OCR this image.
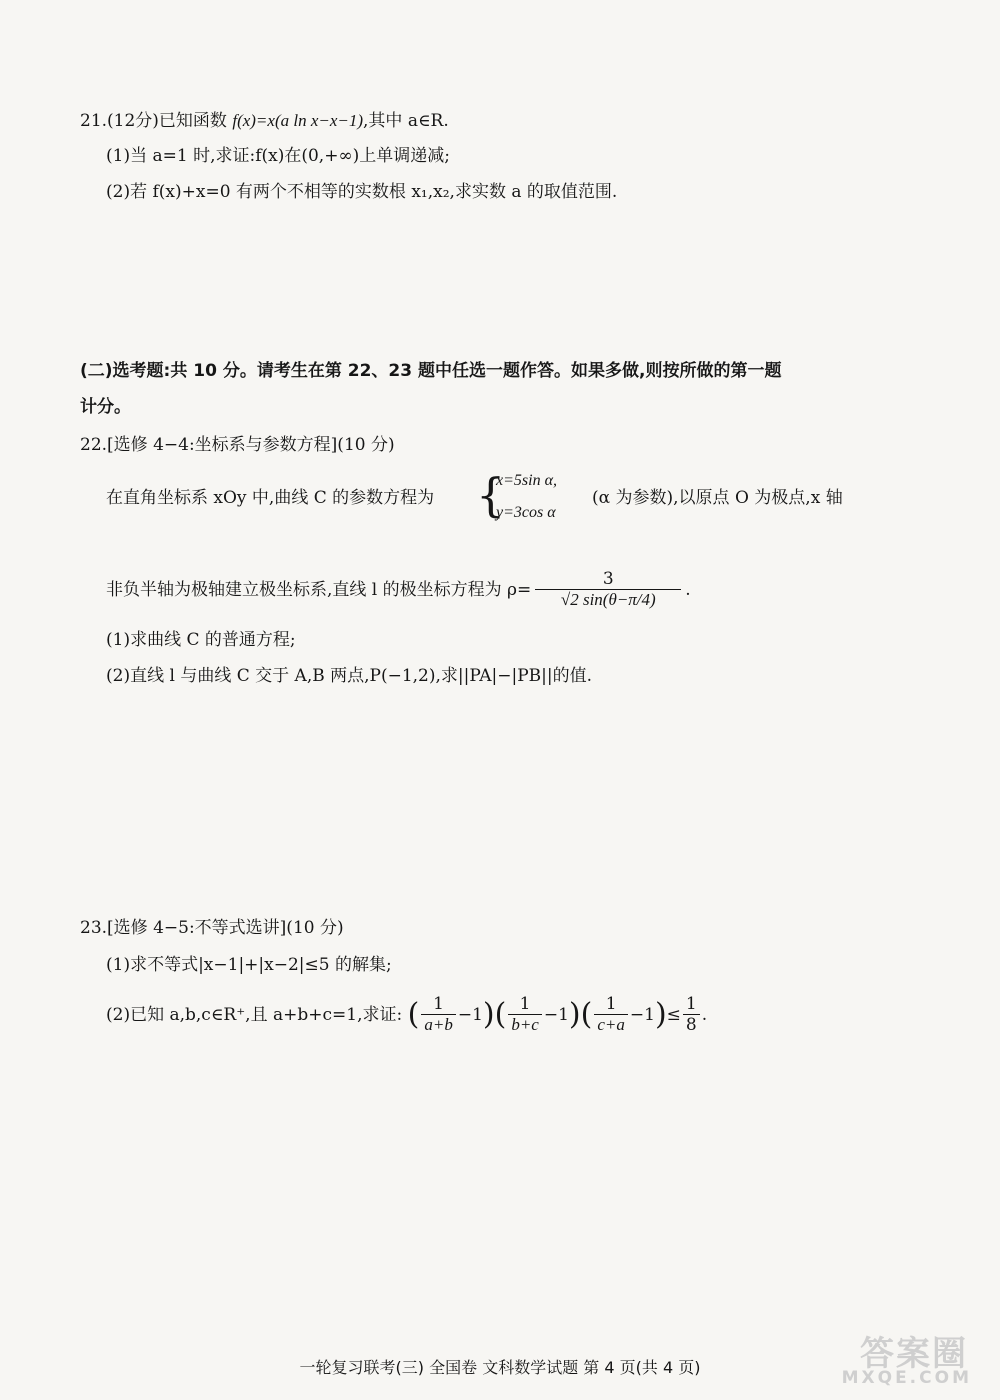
21.(12分)已知函数 f(x)=x(a ln x−x−1),其中 a∈R.
(1)当 a=1 时,求证:f(x)在(0,+∞)上单调递减;
(2)若 f(x)+x=0 有两个不相等的实数根 x₁,x₂,求实数 a 的取值范围.
(二)选考题:共 10 分。请考生在第 22、23 题中任选一题作答。如果多做,则按所做的第一题
计分。
22.[选修 4−4:坐标系与参数方程](10 分)
在直角坐标系 xOy 中,曲线 C 的参数方程为 {
x=5sin α,
y=3cos α
(α 为参数),以原点 O 为极点,x 轴
非负半轴为极轴建立极坐标系,直线 l 的极坐标方程为 $\rho= \frac{3}{√2 \sin(\theta-\pi/4)}$ .
(1)求曲线 C 的普通方程;
(2)直线 l 与曲线 C 交于 A,B 两点,P(−1,2),求||PA|−|PB||的值.
23.[选修 4−5:不等式选讲](10 分)
(1)求不等式|x−1|+|x−2|≤5 的解集;
(2)已知 a,b,c∈R⁺,且 a+b+c=1,求证: ( $\frac{1}{a+b} -1)( \frac{1}{b+c} -1)( \frac{1}{c+a} -1)\le \frac{1}{8}$ .
一轮复习联考(三) 全国卷 文科数学试题 第 4 页(共 4 页)	答案圈
MXQE.COM
